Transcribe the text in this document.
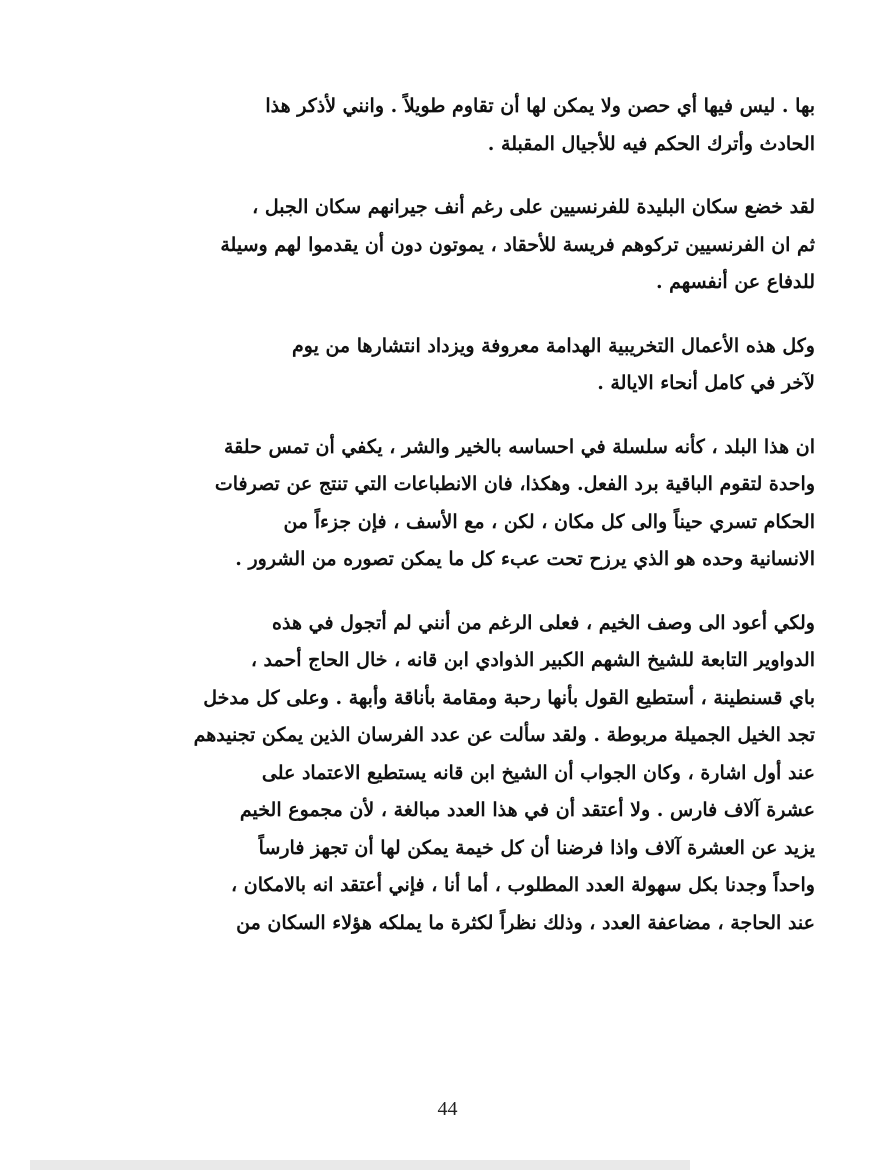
بها . ليس فيها أي حصن ولا يمكن لها أن تقاوم طويلاً . وانني لأذكر هذا
الحادث وأترك الحكم فيه للأجيال المقبلة .

لقد خضع سكان البليدة للفرنسيين على رغم أنف جيرانهم سكان الجبل ،
ثم ان الفرنسيين تركوهم فريسة للأحقاد ، يموتون دون أن يقدموا لهم وسيلة
للدفاع عن أنفسهم .

وكل هذه الأعمال التخريبية الهدامة معروفة ويزداد انتشارها من يوم
لآخر في كامل أنحاء الايالة .

ان هذا البلد ، كأنه سلسلة في احساسه بالخير والشر ، يكفي أن تمس حلقة
واحدة لتقوم الباقية برد الفعل. وهكذا، فان الانطباعات التي تنتج عن تصرفات
الحكام تسري حيناً والى كل مكان ، لكن ، مع الأسف ، فإن جزءاً من
الانسانية وحده هو الذي يرزح تحت عبء كل ما يمكن تصوره من الشرور .

ولكي أعود الى وصف الخيم ، فعلى الرغم من أنني لم أتجول في هذه
الدواوير التابعة للشيخ الشهم الكبير الذوادي ابن قانه ، خال الحاج أحمد ،
باي قسنطينة ، أستطيع القول بأنها رحبة ومقامة بأناقة وأبهة . وعلى كل مدخل
تجد الخيل الجميلة مربوطة . ولقد سألت عن عدد الفرسان الذين يمكن تجنيدهم
عند أول اشارة ، وكان الجواب أن الشيخ ابن قانه يستطيع الاعتماد على
عشرة آلاف فارس . ولا أعتقد أن في هذا العدد مبالغة ، لأن مجموع الخيم
يزيد عن العشرة آلاف واذا فرضنا أن كل خيمة يمكن لها أن تجهز فارساً
واحداً وجدنا بكل سهولة العدد المطلوب ، أما أنا ، فإني أعتقد انه بالامكان ،
عند الحاجة ، مضاعفة العدد ، وذلك نظراً لكثرة ما يملكه هؤلاء السكان من

44
